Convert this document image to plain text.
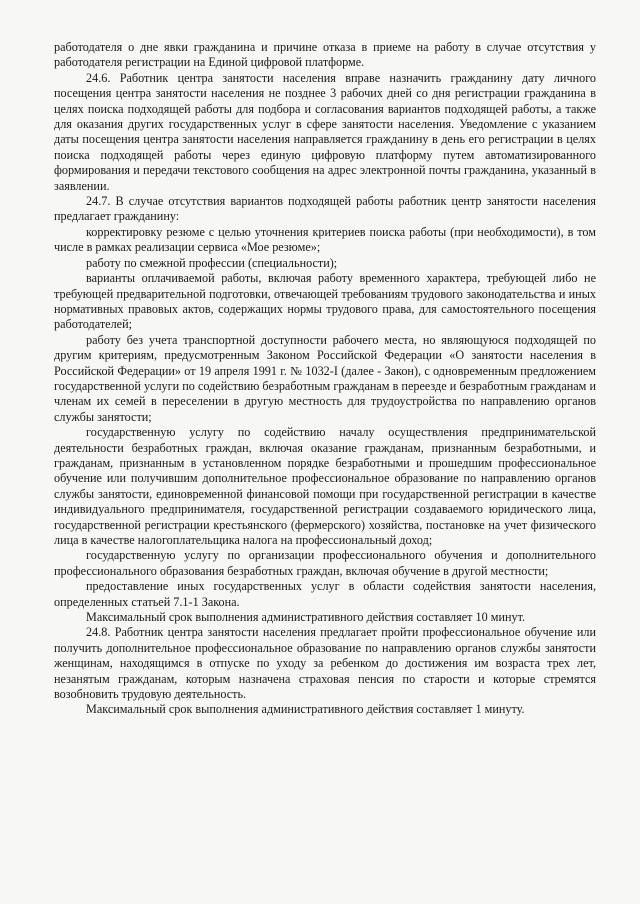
работодателя о дне явки гражданина и причине отказа в приеме на работу в случае отсутствия у работодателя регистрации на Единой цифровой платформе.

24.6. Работник центра занятости населения вправе назначить гражданину дату личного посещения центра занятости населения не позднее 3 рабочих дней со дня регистрации гражданина в целях поиска подходящей работы для подбора и согласования вариантов подходящей работы, а также для оказания других государственных услуг в сфере занятости населения. Уведомление с указанием даты посещения центра занятости населения направляется гражданину в день его регистрации в целях поиска подходящей работы через единую цифровую платформу путем автоматизированного формирования и передачи текстового сообщения на адрес электронной почты гражданина, указанный в заявлении.

24.7. В случае отсутствия вариантов подходящей работы работник центр занятости населения предлагает гражданину:

корректировку резюме с целью уточнения критериев поиска работы (при необходимости), в том числе в рамках реализации сервиса «Мое резюме»;

работу по смежной профессии (специальности);

варианты оплачиваемой работы, включая работу временного характера, требующей либо не требующей предварительной подготовки, отвечающей требованиям трудового законодательства и иных нормативных правовых актов, содержащих нормы трудового права, для самостоятельного посещения работодателей;

работу без учета транспортной доступности рабочего места, но являющуюся подходящей по другим критериям, предусмотренным Законом Российской Федерации «О занятости населения в Российской Федерации» от 19 апреля 1991 г. № 1032-I (далее - Закон), с одновременным предложением государственной услуги по содействию безработным гражданам в переезде и безработным гражданам и членам их семей в переселении в другую местность для трудоустройства по направлению органов службы занятости;

государственную услугу по содействию началу осуществления предпринимательской деятельности безработных граждан, включая оказание гражданам, признанным безработными, и гражданам, признанным в установленном порядке безработными и прошедшим профессиональное обучение или получившим дополнительное профессиональное образование по направлению органов службы занятости, единовременной финансовой помощи при государственной регистрации в качестве индивидуального предпринимателя, государственной регистрации создаваемого юридического лица, государственной регистрации крестьянского (фермерского) хозяйства, постановке на учет физического лица в качестве налогоплательщика налога на профессиональный доход;

государственную услугу по организации профессионального обучения и дополнительного профессионального образования безработных граждан, включая обучение в другой местности;

предоставление иных государственных услуг в области содействия занятости населения, определенных статьей 7.1-1 Закона.

Максимальный срок выполнения административного действия составляет 10 минут.

24.8. Работник центра занятости населения предлагает пройти профессиональное обучение или получить дополнительное профессиональное образование по направлению органов службы занятости женщинам, находящимся в отпуске по уходу за ребенком до достижения им возраста трех лет, незанятым гражданам, которым назначена страховая пенсия по старости и которые стремятся возобновить трудовую деятельность.

Максимальный срок выполнения административного действия составляет 1 минуту.
